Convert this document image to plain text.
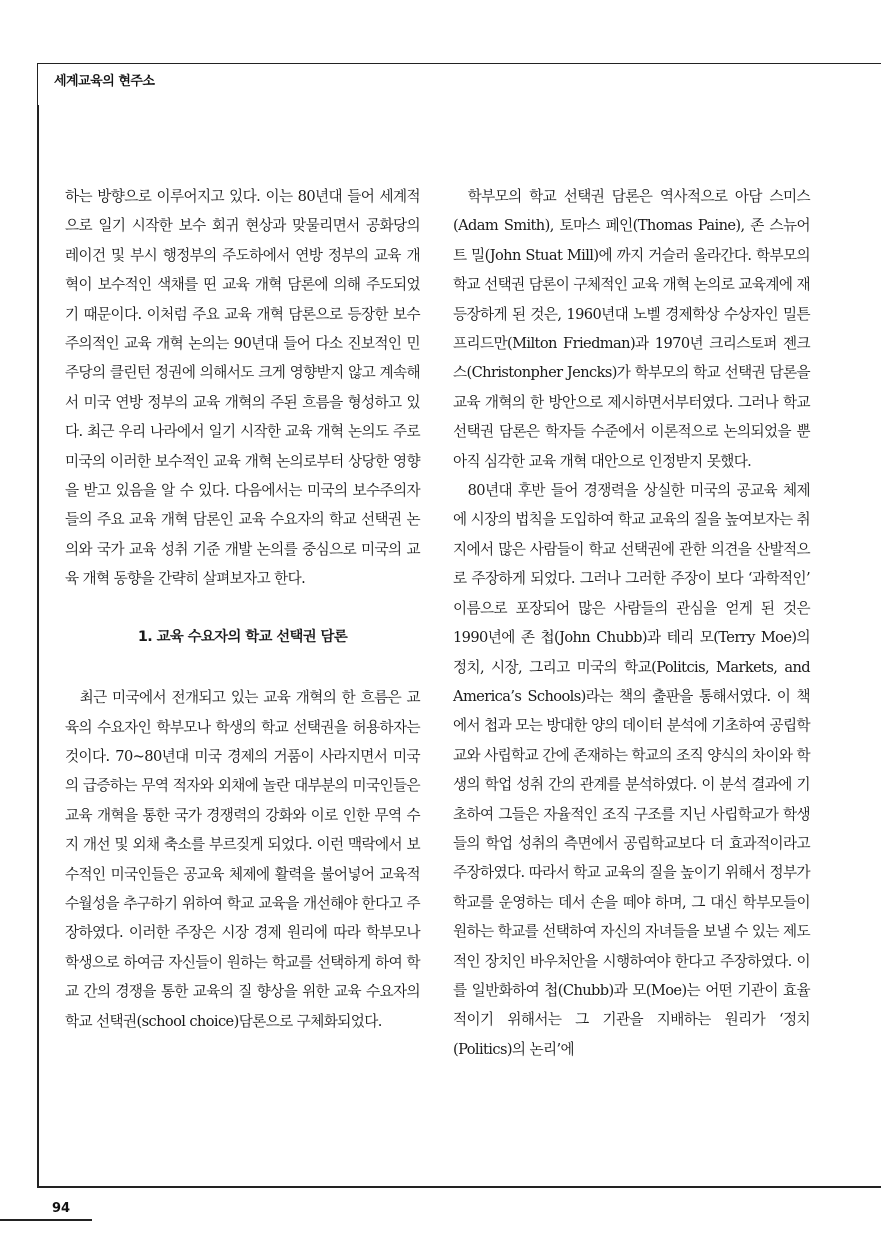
세계교육의 현주소

하는 방향으로 이루어지고 있다. 이는 80년대 들어 세계적으로 일기 시작한 보수 회귀 현상과 맞물리면서 공화당의 레이건 및 부시 행정부의 주도하에서 연방 정부의 교육 개혁이 보수적인 색채를 띤 교육 개혁 담론에 의해 주도되었기 때문이다. 이처럼 주요 교육 개혁 담론으로 등장한 보수주의적인 교육 개혁 논의는 90년대 들어 다소 진보적인 민주당의 클린턴 정권에 의해서도 크게 영향받지 않고 계속해서 미국 연방 정부의 교육 개혁의 주된 흐름을 형성하고 있다. 최근 우리 나라에서 일기 시작한 교육 개혁 논의도 주로 미국의 이러한 보수적인 교육 개혁 논의로부터 상당한 영향을 받고 있음을 알 수 있다. 다음에서는 미국의 보수주의자들의 주요 교육 개혁 담론인 교육 수요자의 학교 선택권 논의와 국가 교육 성취 기준 개발 논의를 중심으로 미국의 교육 개혁 동향을 간략히 살펴보자고 한다.

1. 교육 수요자의 학교 선택권 담론

최근 미국에서 전개되고 있는 교육 개혁의 한 흐름은 교육의 수요자인 학부모나 학생의 학교 선택권을 허용하자는 것이다. 70~80년대 미국 경제의 거품이 사라지면서 미국의 급증하는 무역 적자와 외채에 놀란 대부분의 미국인들은 교육 개혁을 통한 국가 경쟁력의 강화와 이로 인한 무역 수지 개선 및 외채 축소를 부르짖게 되었다. 이런 맥락에서 보수적인 미국인들은 공교육 체제에 활력을 불어넣어 교육적 수월성을 추구하기 위하여 학교 교육을 개선해야 한다고 주장하였다. 이러한 주장은 시장 경제 원리에 따라 학부모나 학생으로 하여금 자신들이 원하는 학교를 선택하게 하여 학교 간의 경쟁을 통한 교육의 질 향상을 위한 교육 수요자의 학교 선택권(school choice)담론으로 구체화되었다.

학부모의 학교 선택권 담론은 역사적으로 아담 스미스(Adam Smith), 토마스 페인(Thomas Paine), 존 스뉴어트 밀(John Stuat Mill)에 까지 거슬러 올라간다. 학부모의 학교 선택권 담론이 구체적인 교육 개혁 논의로 교육계에 재등장하게 된 것은, 1960년대 노벨 경제학상 수상자인 밀튼 프리드만(Milton Friedman)과 1970년 크리스토퍼 젠크스(Christonpher Jencks)가 학부모의 학교 선택권 담론을 교육 개혁의 한 방안으로 제시하면서부터였다. 그러나 학교 선택권 담론은 학자들 수준에서 이론적으로 논의되었을 뿐 아직 심각한 교육 개혁 대안으로 인정받지 못했다.

80년대 후반 들어 경쟁력을 상실한 미국의 공교육 체제에 시장의 법칙을 도입하여 학교 교육의 질을 높여보자는 취지에서 많은 사람들이 학교 선택권에 관한 의견을 산발적으로 주장하게 되었다. 그러나 그러한 주장이 보다 ‘과학적인’ 이름으로 포장되어 많은 사람들의 관심을 얻게 된 것은 1990년에 존 첩(John Chubb)과 테리 모(Terry Moe)의 정치, 시장, 그리고 미국의 학교(Politcis, Markets, and America’s Schools)라는 책의 출판을 통해서였다. 이 책에서 첩과 모는 방대한 양의 데이터 분석에 기초하여 공립학교와 사립학교 간에 존재하는 학교의 조직 양식의 차이와 학생의 학업 성취 간의 관계를 분석하였다. 이 분석 결과에 기초하여 그들은 자율적인 조직 구조를 지닌 사립학교가 학생들의 학업 성취의 측면에서 공립학교보다 더 효과적이라고 주장하였다. 따라서 학교 교육의 질을 높이기 위해서 정부가 학교를 운영하는 데서 손을 떼야 하며, 그 대신 학부모들이 원하는 학교를 선택하여 자신의 자녀들을 보낼 수 있는 제도적인 장치인 바우처안을 시행하여야 한다고 주장하였다. 이를 일반화하여 첩(Chubb)과 모(Moe)는 어떤 기관이 효율적이기 위해서는 그 기관을 지배하는 원리가 ‘정치(Politics)의 논리’에

94
